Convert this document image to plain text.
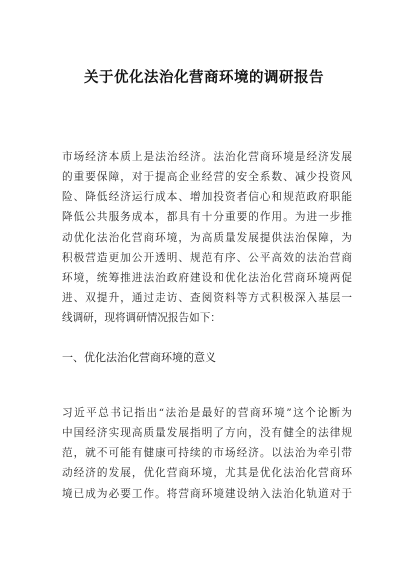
关于优化法治化营商环境的调研报告
市场经济本质上是法治经济。法治化营商环境是经济发展
的重要保障，对于提高企业经营的安全系数、减少投资风
险、降低经济运行成本、增加投资者信心和规范政府职能
降低公共服务成本，都具有十分重要的作用。为进一步推
动优化法治化营商环境，为高质量发展提供法治保障，为
积极营造更加公开透明、规范有序、公平高效的法治营商
环境，统筹推进法治政府建设和优化法治化营商环境两促
进、双提升，通过走访、查阅资料等方式积极深入基层一
线调研，现将调研情况报告如下：
一、优化法治化营商环境的意义
习近平总书记指出“法治是最好的营商环境”这个论断为
中国经济实现高质量发展指明了方向，没有健全的法律规
范，就不可能有健康可持续的市场经济。以法治为牵引带
动经济的发展，优化营商环境，尤其是优化法治化营商环
境已成为必要工作。将营商环境建设纳入法治化轨道对于
